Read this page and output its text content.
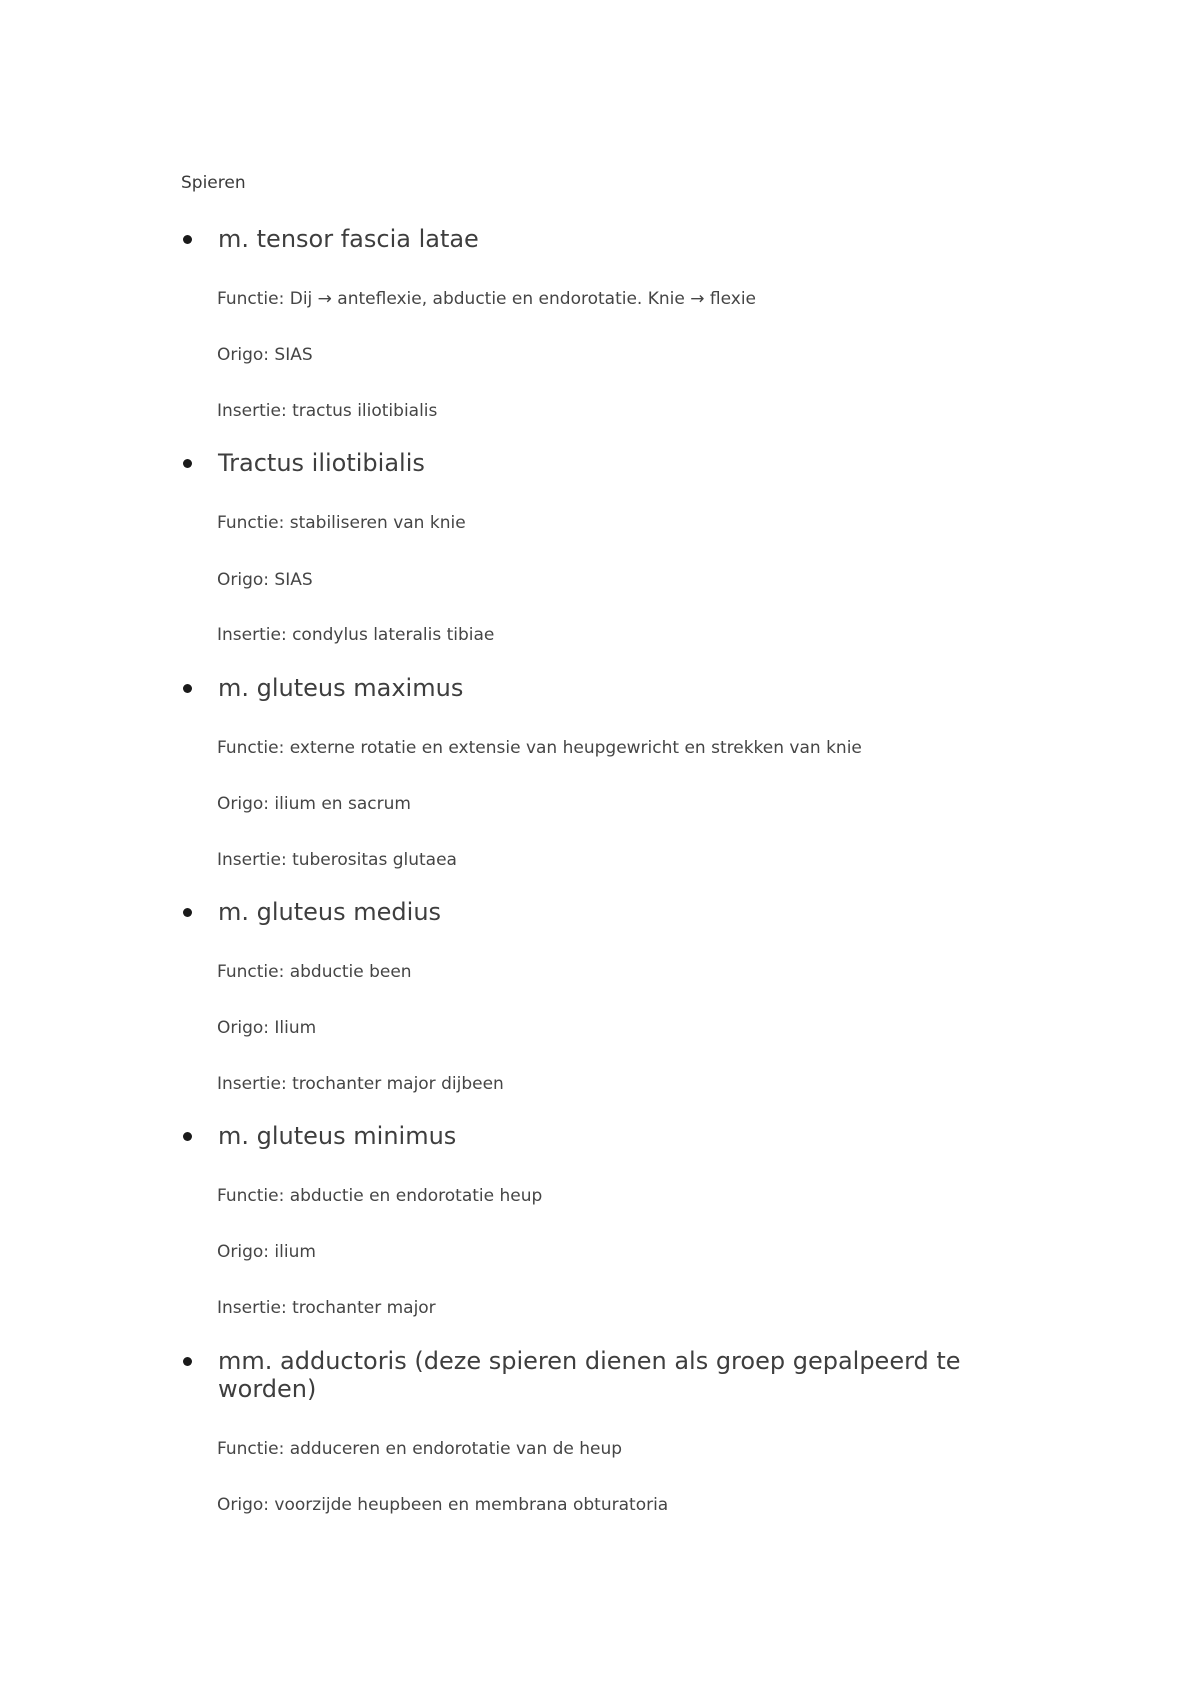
Spieren
m. tensor fascia latae

Functie: Dij → anteflexie, abductie en endorotatie. Knie → flexie

Origo: SIAS

Insertie: tractus iliotibialis

Tractus iliotibialis

Functie: stabiliseren van knie

Origo: SIAS

Insertie: condylus lateralis tibiae

m. gluteus maximus

Functie: externe rotatie en extensie van heupgewricht en strekken van knie

Origo: ilium en sacrum

Insertie: tuberositas glutaea

m. gluteus medius

Functie: abductie been

Origo: Ilium

Insertie: trochanter major dijbeen

m. gluteus minimus

Functie: abductie en endorotatie heup

Origo: ilium

Insertie: trochanter major

mm. adductoris (deze spieren dienen als groep gepalpeerd te worden)

Functie: adduceren en endorotatie van de heup

Origo: voorzijde heupbeen en membrana obturatoria
